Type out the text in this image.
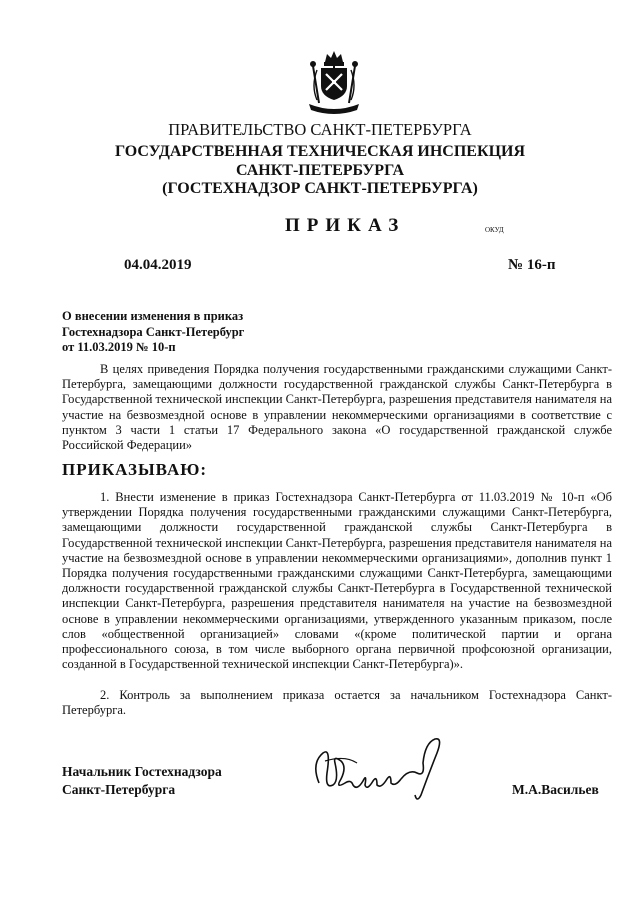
ПРАВИТЕЛЬСТВО САНКТ-ПЕТЕРБУРГА
ГОСУДАРСТВЕННАЯ ТЕХНИЧЕСКАЯ ИНСПЕКЦИЯ
САНКТ-ПЕТЕРБУРГА
(ГОСТЕХНАДЗОР САНКТ-ПЕТЕРБУРГА)
ПРИКАЗ	ОКУД
04.04.2019	№ 16-п
О внесении изменения в приказ
Гостехнадзора Санкт-Петербург
от 11.03.2019 № 10-п
В целях приведения Порядка получения государственными гражданскими служащими Санкт-Петербурга, замещающими должности государственной гражданской службы Санкт-Петербурга в Государственной технической инспекции Санкт-Петербурга, разрешения представителя нанимателя на участие на безвозмездной основе в управлении некоммерческими организациями в соответствие с пунктом 3 части 1 статьи 17 Федерального закона «О государственной гражданской службе Российской Федерации»
ПРИКАЗЫВАЮ:
1. Внести изменение в приказ Гостехнадзора Санкт-Петербурга от 11.03.2019 № 10-п «Об утверждении Порядка получения государственными гражданскими служащими Санкт-Петербурга, замещающими должности государственной гражданской службы Санкт-Петербурга в Государственной технической инспекции Санкт-Петербурга, разрешения представителя нанимателя на участие на безвозмездной основе в управлении некоммерческими организациями», дополнив пункт 1 Порядка получения государственными гражданскими служащими Санкт-Петербурга, замещающими должности государственной гражданской службы Санкт-Петербурга в Государственной технической инспекции Санкт-Петербурга, разрешения представителя нанимателя на участие на безвозмездной основе в управлении некоммерческими организациями, утвержденного указанным приказом, после слов «общественной организацией» словами «(кроме политической партии и органа профессионального союза, в том числе выборного органа первичной профсоюзной организации, созданной в Государственной технической инспекции Санкт-Петербурга)».
2. Контроль за выполнением приказа остается за начальником Гостехнадзора Санкт-Петербурга.
Начальник Гостехнадзора
Санкт-Петербурга	М.А.Васильев
